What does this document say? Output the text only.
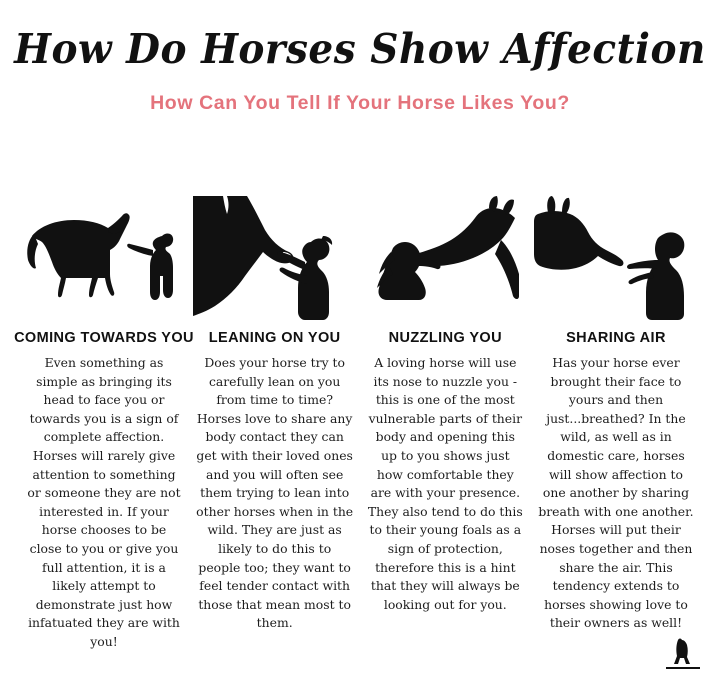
How Do Horses Show Affection
How Can You Tell If Your Horse Likes You?
COMING TOWARDS YOU
Even something as simple as bringing its head to face you or towards you is a sign of complete affection. Horses will rarely give attention to something or someone they are not interested in. If your horse chooses to be close to you or give you full attention, it is a likely attempt to demonstrate just how infatuated they are with you!
LEANING ON YOU
Does your horse try to carefully lean on you from time to time? Horses love to share any body contact they can get with their loved ones and you will often see them trying to lean into other horses when in the wild. They are just as likely to do this to people too; they want to feel tender contact with those that mean most to them.
NUZZLING YOU
A loving horse will use its nose to nuzzle you - this is one of the most vulnerable parts of their body and opening this up to you shows just how comfortable they are with your presence. They also tend to do this to their young foals as a sign of protection, therefore this is a hint that they will always be looking out for you.
SHARING AIR
Has your horse ever brought their face to yours and then just...breathed? In the wild, as well as in domestic care, horses will show affection to one another by sharing breath with one another. Horses will put their noses together and then share the air. This tendency extends to horses showing love to their owners as well!
